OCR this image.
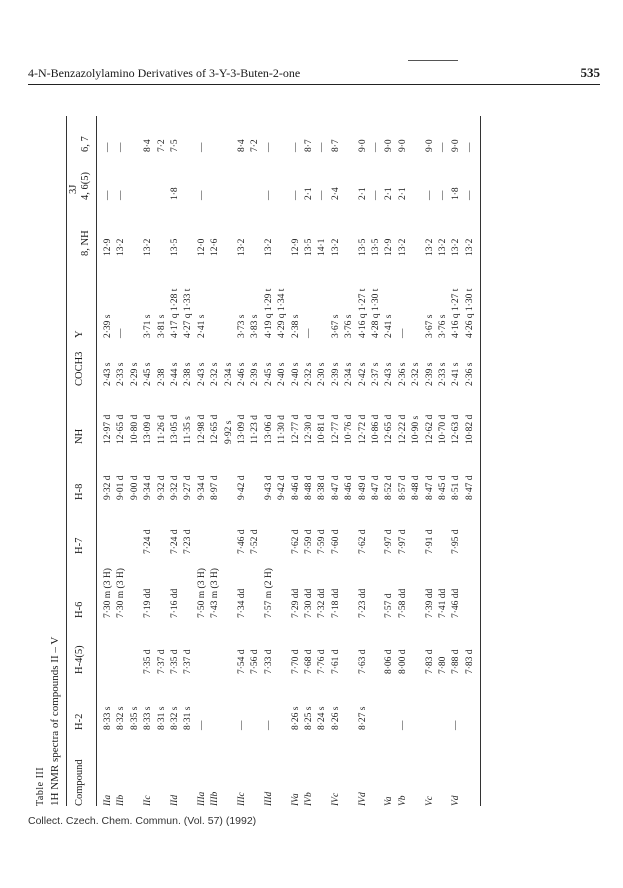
4-N-Benzazolylamino Derivatives of 3-Y-3-Buten-2-one	535
Table III 1H NMR spectra of compounds II – V
3J
Compound
H-2
H-4(5)
H-6
H-7
H-8
NH
COCH3
Y
8, NH
4, 6(5)
6, 7
IIa
8·33 s
7·30 m (3 H)
9·32 d
12·97 d
2·43 s
2·39 s
12·9
—
—
IIb
8·32 s
7·30 m (3 H)
9·01 d
12·65 d
2·33 s
—
13·2
—
—
8·35 s
9·00 d
10·80 d
2·29 s
IIc
8·33 s
7·35 d
7·19 dd
7·24 d
9·34 d
13·09 d
2·45 s
3·71 s
13·2
8·4
8·31 s
7·37 d
9·32 d
11·26 d
2·38
3·81 s
7·2
IId
8·32 s
7·35 d
7·16 dd
7·24 d
9·32 d
13·05 d
2·44 s
4·17 q 1·28 t
13·5
1·8
7·5
8·31 s
7·37 d
7·23 d
9·27 d
11·35 s
2·38 s
4·27 q 1·33 t
IIIa
—
7·50 m (3 H)
9·34 d
12·98 d
2·43 s
2·41 s
12·0
—
—
IIIb
7·43 m (3 H)
8·97 d
12·65 d
2·32 s
12·6
9·92 s
2·34 s
IIIc
—
7·54 d
7·34 dd
7·46 d
9·42 d
13·09 d
2·46 s
3·73 s
13·2
8·4
7·56 d
7·52 d
11·23 d
2·39 s
3·83 s
7·2
IIId
—
7·33 d
7·57 m (2 H)
9·43 d
13·06 d
2·45 s
4·19 q 1·29 t
13·2
—
—
9·42 d
11·30 d
2·40 s
4·29 q 1·34 t
IVa
8·26 s
7·70 d
7·29 dd
7·62 d
8·46 d
12·77 d
2·40 s
2·38 s
12·9
—
—
IVb
8·25 s
7·68 d
7·30 dd
7·59 d
8·48 d
12·30 d
2·32 s
—
13·5
2·1
8·7
8·24 s
7·76 d
7·32 dd
7·59 d
8·38 d
10·81 d
2·30 s
14·1
—
—
IVc
8·26 s
7·61 d
7·18 dd
7·60 d
8·47 d
12·77 d
2·39 s
3·67 s
13·2
2·4
8·7
8·46 d
10·76 d
2·34 s
3·76 s
IVd
8·27 s
7·63 d
7·23 dd
7·62 d
8·49 d
12·72 d
2·42 s
4·16 q 1·27 t
13·5
2·1
9·0
8·47 d
10·86 d
2·37 s
4·28 q 1·30 t
13·5
—
—
Va
8·06 d
7·57 d
7·97 d
8·52 d
12·65 d
2·43 s
2·41 s
12·9
2·1
9·0
Vb
—
8·00 d
7·58 dd
7·97 d
8·57 d
12·22 d
2·36 s
—
13·2
2·1
9·0
8·48 d
10·90 s
2·32 s
Vc
7·83 d
7·39 dd
7·91 d
8·47 d
12·62 d
2·39 s
3·67 s
13·2
—
9·0
7·80
7·41 dd
8·45 d
10·70 d
2·33 s
3·76 s
13·2
—
—
Vd
—
7·88 d
7·46 dd
7·95 d
8·51 d
12·63 d
2·41 s
4·16 q 1·27 t
13·2
1·8
9·0
7·83 d
8·47 d
10·82 d
2·36 s
4·26 q 1·30 t
13·2
—
—
Collect. Czech. Chem. Commun. (Vol. 57) (1992)
